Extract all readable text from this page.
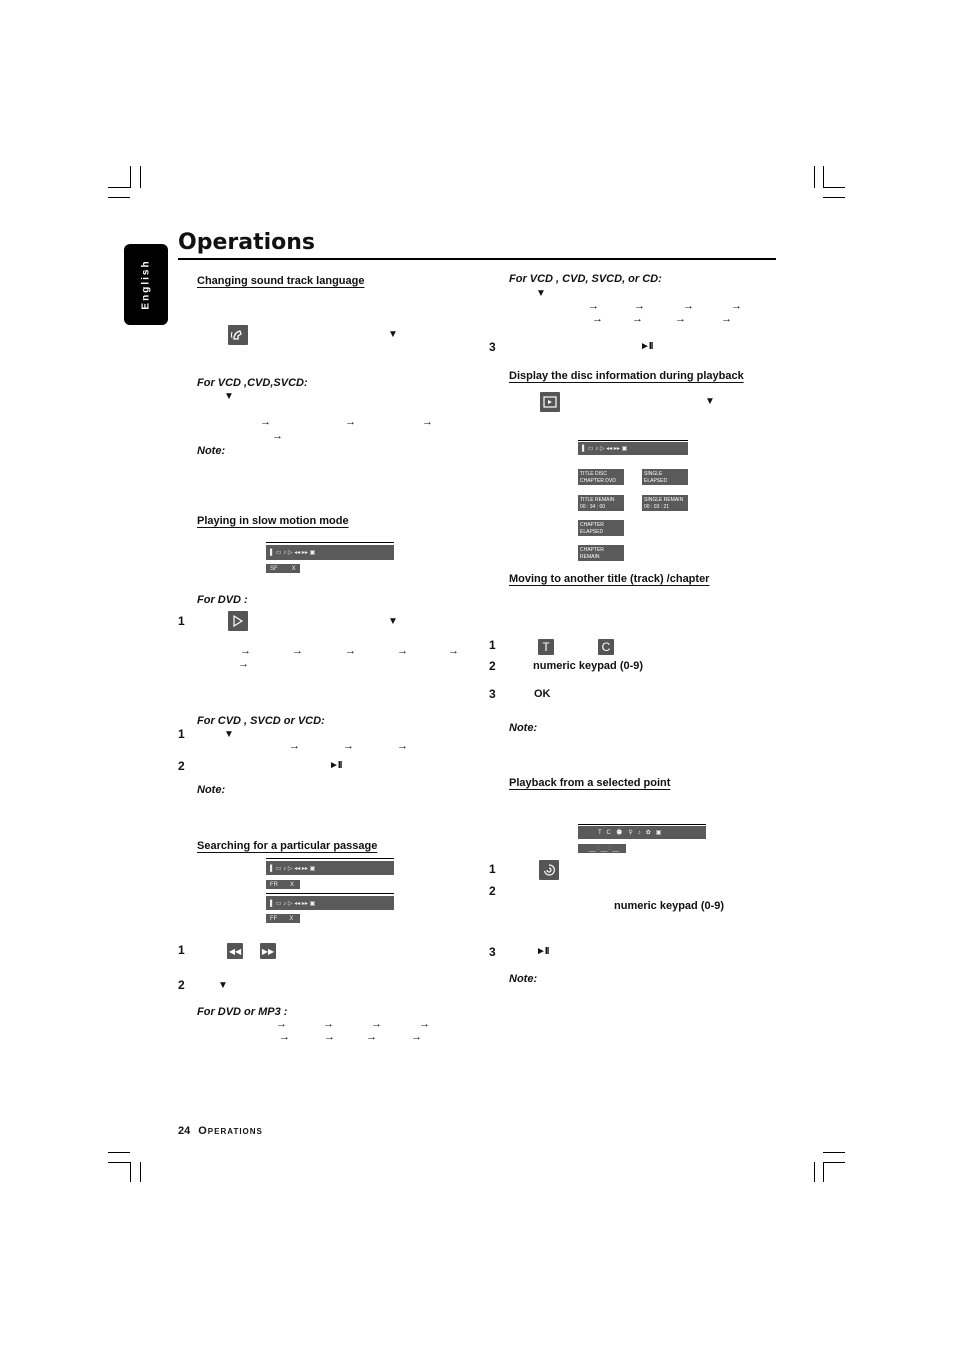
English
Operations
Changing sound track language
▼
For VCD ,CVD,SVCD:
▼
→	→	→
→
Note:
Playing in slow motion mode
▌ ▭ ♪ ▷ ◂◂ ▸▸ ▣
SF X
For DVD :
1	▼
→	→	→	→	→
→
For CVD , SVCD or VCD:
1	▼
→	→	→
2	►II
Note:
Searching for a particular passage
▌ ▭ ♪ ▷ ◂◂ ▸▸ ▣
FR X
▌ ▭ ♪ ▷ ◂◂ ▸▸ ▣
FF X
1	◀◀	▶▶
2	▼
For DVD or MP3 :
→	→	→	→
→	→	→	→
For VCD , CVD, SVCD, or CD:
▼
→	→	→	→
→	→	→	→
3	►II
Display the disc information during playback
▼
▌ ▭ ♪ ▷ ◂◂ ▸▸ ▣
TITLE DISC CHAPTER DVD
00 : 06 : 16
SINGLE ELAPSED
00 : 01 : 23
TITLE REMAIN
00 : 34 : 00
SINGLE REMAIN
00 : 03 : 21
CHAPTER ELAPSED
00 : 01 : 23
CHAPTER REMAIN
00 : 01 : 23
Moving to another title (track) /chapter
1	T	C
2	numeric keypad (0-9)
3	OK
Note:
Playback from a selected point
T   C   ⌚   ⚲   ♪   ✿   ▣
__ : __ : __
1
2
numeric keypad (0-9)
3	►II
Note:
24 Operations
